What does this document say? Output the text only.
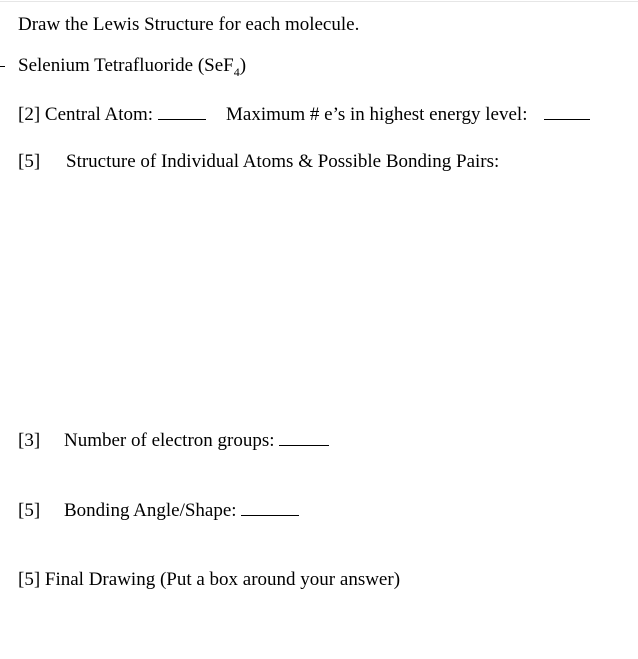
Draw the Lewis Structure for each molecule.
Selenium Tetrafluoride (SeF$_4$)
[2] Central Atom:	Maximum # e’s in highest energy level:
[5] Structure of Individual Atoms & Possible Bonding Pairs:
[3] Number of electron groups:
[5] Bonding Angle/Shape:
[5] Final Drawing (Put a box around your answer)
